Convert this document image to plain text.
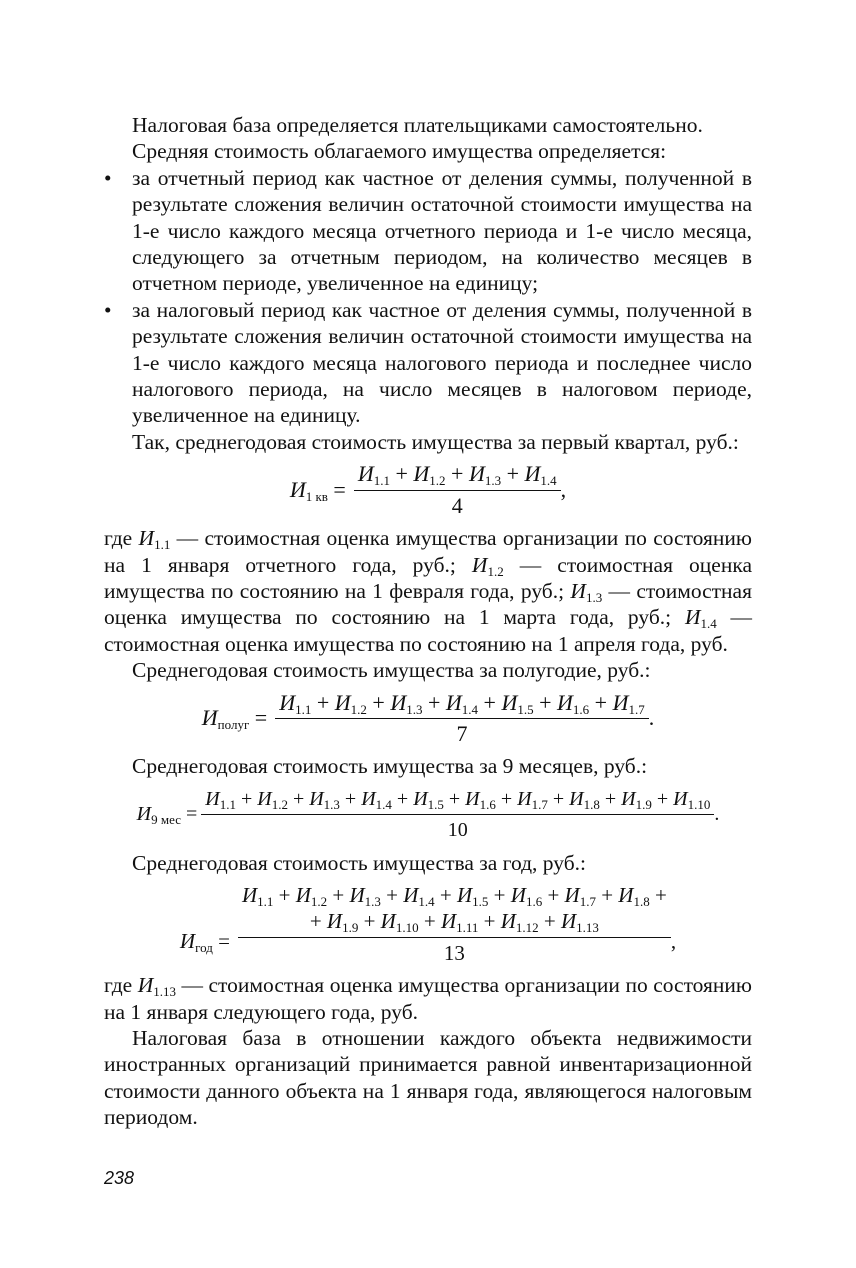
Налоговая база определяется плательщиками самостоятельно.

Средняя стоимость облагаемого имущества определяется:

• за отчетный период как частное от деления суммы, полученной в результате сложения величин остаточной стоимости имущества на 1-е число каждого месяца отчетного периода и 1-е число месяца, следующего за отчетным периодом, на количество месяцев в отчетном периоде, увеличенное на единицу;
• за налоговый период как частное от деления суммы, полученной в результате сложения величин остаточной стоимости имущества на 1-е число каждого месяца налогового периода и последнее число налогового периода, на число месяцев в налоговом периоде, увеличенное на единицу.

Так, среднегодовая стоимость имущества за первый квартал, руб.:

$И_{1 кв} = \frac{И_{1.1} + И_{1.2} + И_{1.3} + И_{1.4}}{4}$ ,

где $И_{1.1}$ — стоимостная оценка имущества организации по состоянию на 1 января отчетного года, руб.; $И_{1.2}$ — стоимостная оценка имущества по состоянию на 1 февраля года, руб.; $И_{1.3}$ — стоимостная оценка имущества по состоянию на 1 марта года, руб.; $И_{1.4}$ — стоимостная оценка имущества по состоянию на 1 апреля года, руб.

Среднегодовая стоимость имущества за полугодие, руб.:

$И_{полуг} = \frac{И_{1.1} + И_{1.2} + И_{1.3} + И_{1.4} + И_{1.5} + И_{1.6} + И_{1.7}}{7}$ .

Среднегодовая стоимость имущества за 9 месяцев, руб.:

$И_{9 мес}$ =
$И_{1.1} + И_{1.2} + И_{1.3} + И_{1.4} + И_{1.5} + И_{1.6} + И_{1.7} + И_{1.8} + И_{1.9} + И_{1.10}$
10
.

Среднегодовая стоимость имущества за год, руб.:

$И_{год}$ =
$И_{1.1} + И_{1.2} + И_{1.3} + И_{1.4} + И_{1.5} + И_{1.6} + И_{1.7} + И_{1.8}$ +
+ $И_{1.9} + И_{1.10} + И_{1.11} + И_{1.12} + И_{1.13}$
13	,

где $И_{1.13}$ — стоимостная оценка имущества организации по состоянию на 1 января следующего года, руб.

Налоговая база в отношении каждого объекта недвижимости иностранных организаций принимается равной инвентаризационной стоимости данного объекта на 1 января года, являющегося налоговым периодом.

238
